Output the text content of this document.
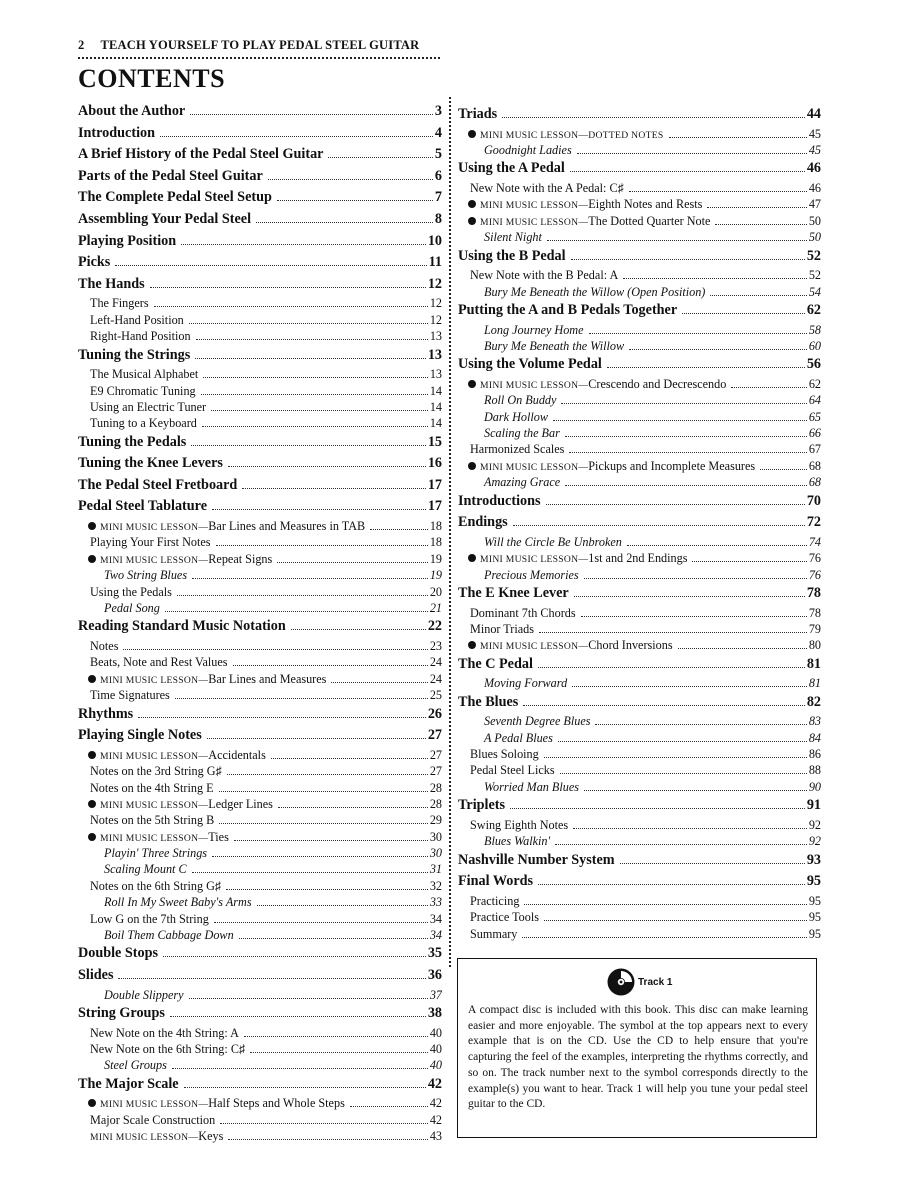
2 TEACH YOURSELF TO PLAY PEDAL STEEL GUITAR
CONTENTS
About the Author	3
Introduction	4
A Brief History of the Pedal Steel Guitar	5
Parts of the Pedal Steel Guitar	6
The Complete Pedal Steel Setup	7
Assembling Your Pedal Steel	8
Playing Position	10
Picks	11
The Hands	12
The Fingers	12
Left-Hand Position	12
Right-Hand Position	13
Tuning the Strings	13
The Musical Alphabet	13
E9 Chromatic Tuning	14
Using an Electric Tuner	14
Tuning to a Keyboard	14
Tuning the Pedals	15
Tuning the Knee Levers	16
The Pedal Steel Fretboard	17
Pedal Steel Tablature	17
MINI MUSIC LESSON—Bar Lines and Measures in TAB	18
Playing Your First Notes	18
MINI MUSIC LESSON—Repeat Signs	19
Two String Blues	19
Using the Pedals	20
Pedal Song	21
Reading Standard Music Notation	22
Notes	23
Beats, Note and Rest Values	24
MINI MUSIC LESSON—Bar Lines and Measures	24
Time Signatures	25
Rhythms	26
Playing Single Notes	27
MINI MUSIC LESSON—Accidentals	27
Notes on the 3rd String G♯	27
Notes on the 4th String E	28
MINI MUSIC LESSON—Ledger Lines	28
Notes on the 5th String B	29
MINI MUSIC LESSON—Ties	30
Playin' Three Strings	30
Scaling Mount C	31
Notes on the 6th String G♯	32
Roll In My Sweet Baby's Arms	33
Low G on the 7th String	34
Boil Them Cabbage Down	34
Double Stops	35
Slides	36
Double Slippery	37
String Groups	38
New Note on the 4th String: A	40
New Note on the 6th String: C♯	40
Steel Groups	40
The Major Scale	42
MINI MUSIC LESSON—Half Steps and Whole Steps	42
Major Scale Construction	42
MINI MUSIC LESSON—Keys	43
Triads	44
MINI MUSIC LESSON—DOTTED NOTES	45
Goodnight Ladies	45
Using the A Pedal	46
New Note with the A Pedal: C♯	46
MINI MUSIC LESSON—Eighth Notes and Rests	47
MINI MUSIC LESSON—The Dotted Quarter Note	50
Silent Night	50
Using the B Pedal	52
New Note with the B Pedal: A	52
Bury Me Beneath the Willow (Open Position)	54
Putting the A and B Pedals Together	62
Long Journey Home	58
Bury Me Beneath the Willow	60
Using the Volume Pedal	56
MINI MUSIC LESSON—Crescendo and Decrescendo	62
Roll On Buddy	64
Dark Hollow	65
Scaling the Bar	66
Harmonized Scales	67
MINI MUSIC LESSON—Pickups and Incomplete Measures	68
Amazing Grace	68
Introductions	70
Endings	72
Will the Circle Be Unbroken	74
MINI MUSIC LESSON—1st and 2nd Endings	76
Precious Memories	76
The E Knee Lever	78
Dominant 7th Chords	78
Minor Triads	79
MINI MUSIC LESSON—Chord Inversions	80
The C Pedal	81
Moving Forward	81
The Blues	82
Seventh Degree Blues	83
A Pedal Blues	84
Blues Soloing	86
Pedal Steel Licks	88
Worried Man Blues	90
Triplets	91
Swing Eighth Notes	92
Blues Walkin'	92
Nashville Number System	93
Final Words	95
Practicing	95
Practice Tools	95
Summary	95
Track 1
A compact disc is included with this book. This disc can make learning easier and more enjoyable. The symbol at the top appears next to every example that is on the CD. Use the CD to help ensure that you're capturing the feel of the examples, interpreting the rhythms correctly, and so on. The track number next to the symbol corresponds directly to the example(s) you want to hear. Track 1 will help you tune your pedal steel guitar to the CD.
